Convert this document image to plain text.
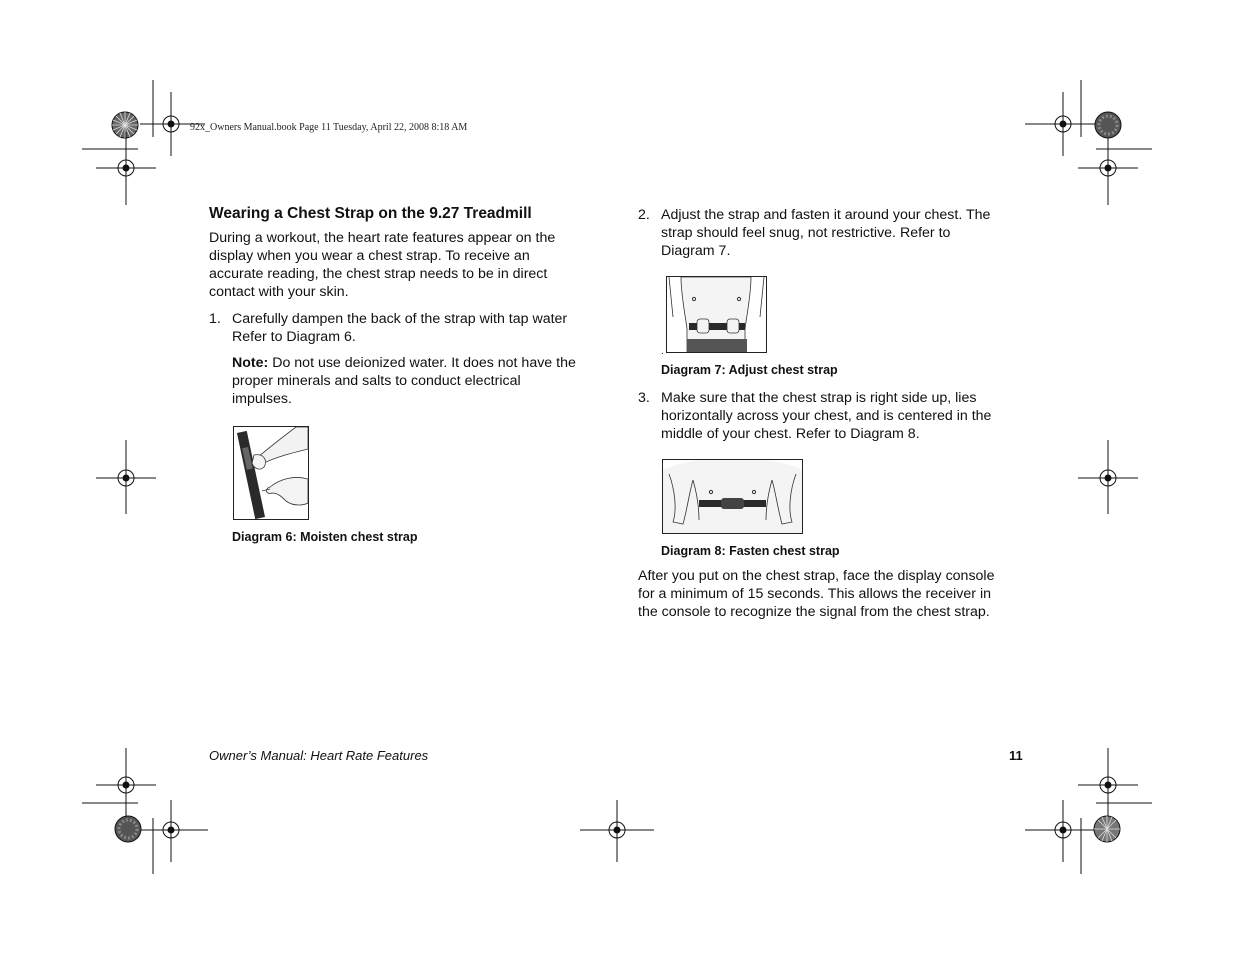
92x_Owners Manual.book Page 11 Tuesday, April 22, 2008 8:18 AM
Wearing a Chest Strap on the 9.27 Treadmill

During a workout, the heart rate features appear on the

display when you wear a chest strap. To receive an

accurate reading, the chest strap needs to be in direct

contact with your skin.

1. Carefully dampen the back of the strap with tap water

Refer to Diagram 6.

Note: Do not use deionized water. It does not have the

proper minerals and salts to conduct electrical

impulses.

Diagram 6: Moisten chest strap
2. Adjust the strap and fasten it around your chest. The

strap should feel snug, not restrictive. Refer to

Diagram 7.

.
Diagram 7: Adjust chest strap
3. Make sure that the chest strap is right side up, lies

horizontally across your chest, and is centered in the

middle of your chest. Refer to Diagram 8.

Diagram 8: Fasten chest strap

After you put on the chest strap, face the display console

for a minimum of 15 seconds. This allows the receiver in

the console to recognize the signal from the chest strap.

Owner’s Manual: Heart Rate Features	11
